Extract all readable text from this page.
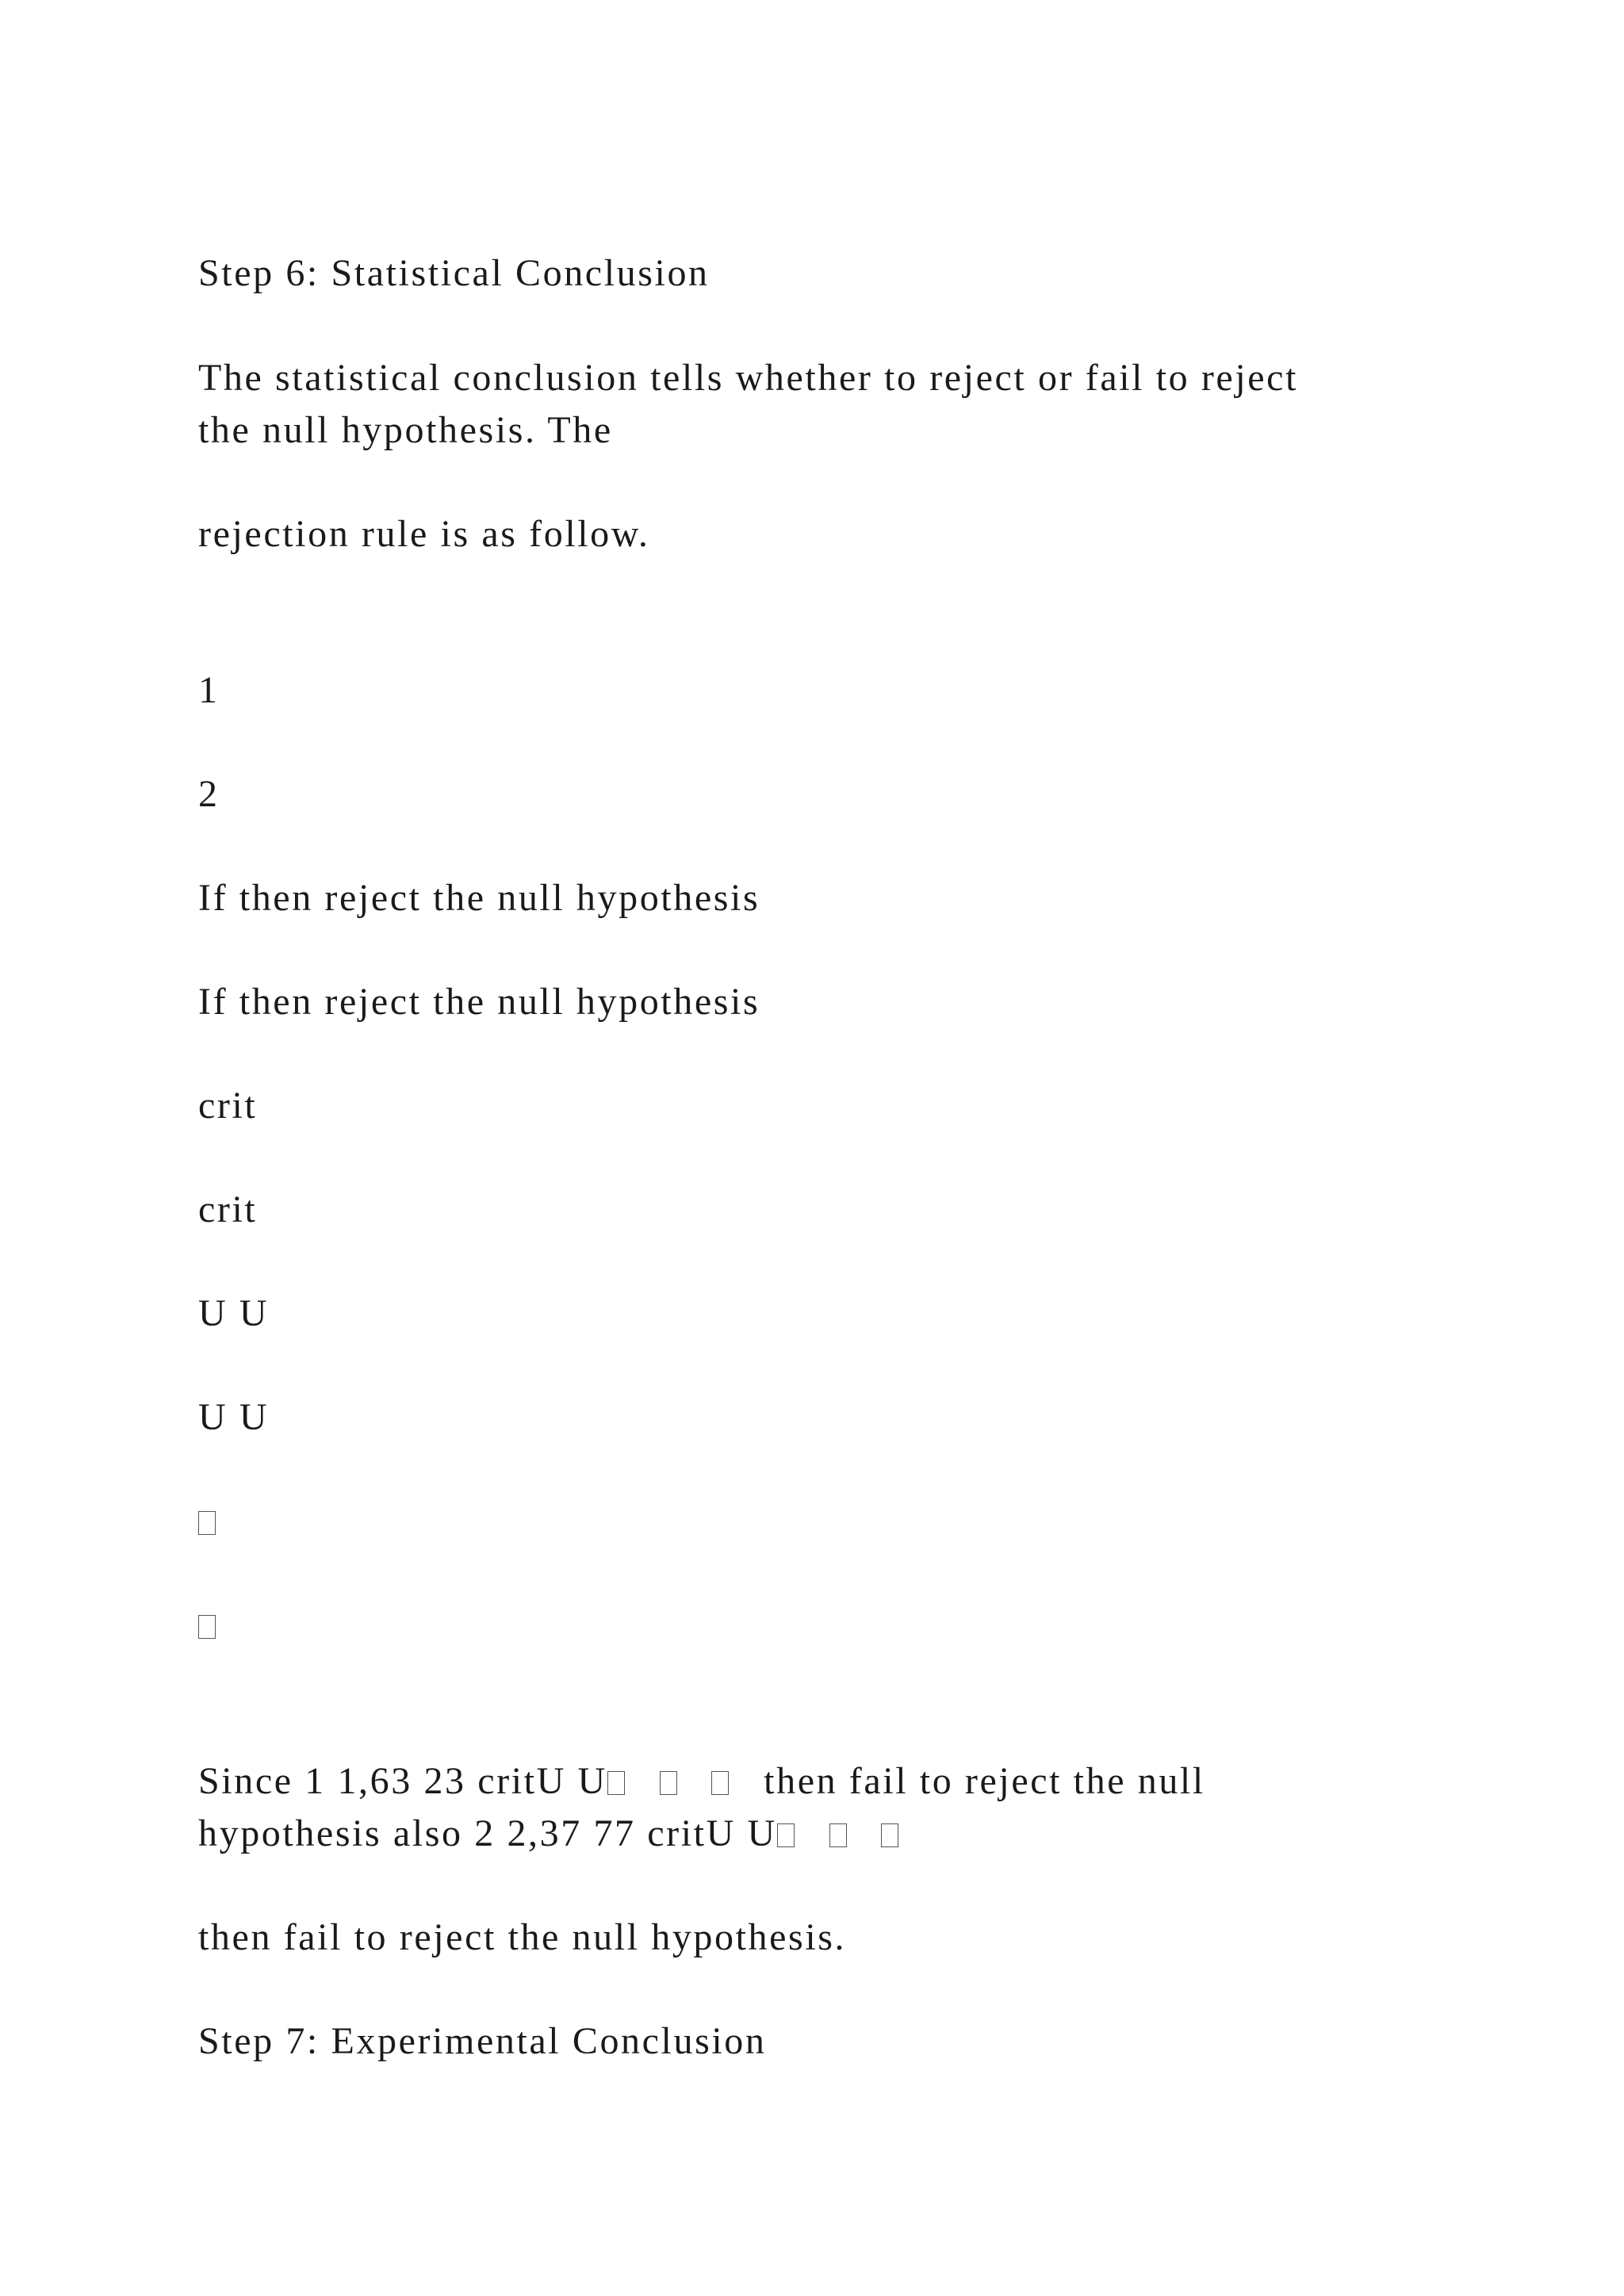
Step 6: Statistical Conclusion
The statistical conclusion tells whether to reject or fail to reject
the null hypothesis. The
rejection rule is as follow.
1
2
If then reject the null hypothesis
If then reject the null hypothesis
crit
crit
U U
U U
Since 1 1,63 23 critU U	then fail to reject the null
hypothesis also 2 2,37 77 critU U
then fail to reject the null hypothesis.
Step 7: Experimental Conclusion
